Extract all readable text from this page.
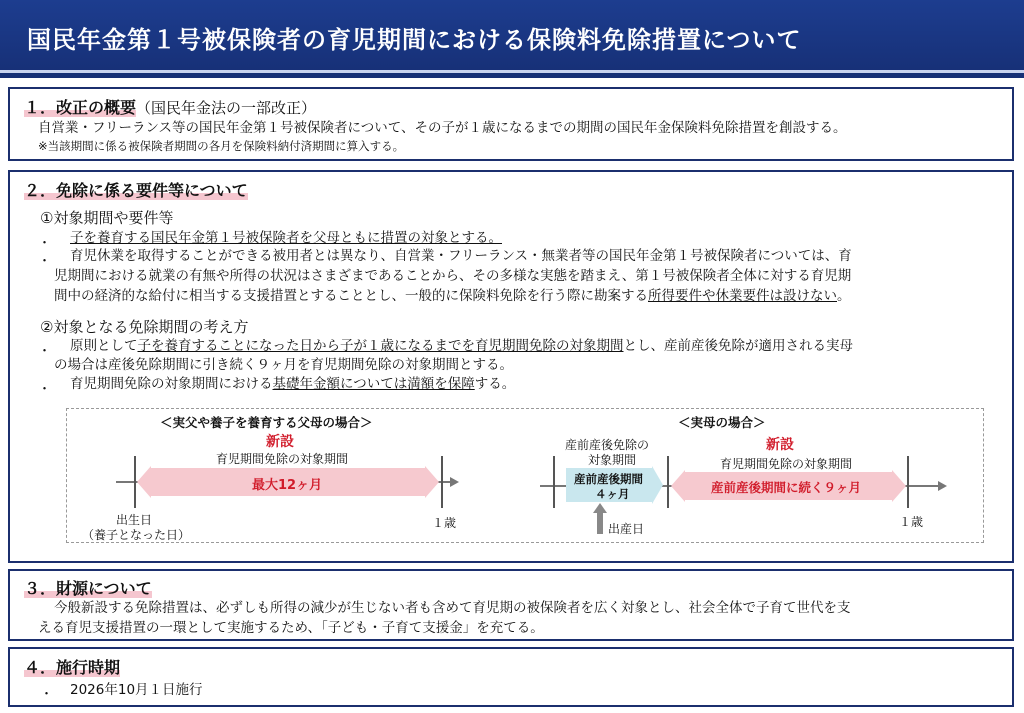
国民年金第１号被保険者の育児期間における保険料免除措置について
１．改正の概要（国民年金法の一部改正）
自営業・フリーランス等の国民年金第１号被保険者について、その子が１歳になるまでの期間の国民年金保険料免除措置を創設する。
※当該期間に係る被保険者期間の各月を保険料納付済期間に算入する。
２．免除に係る要件等について
①対象期間や要件等
・ 子を養育する国民年金第１号被保険者を父母ともに措置の対象とする。
・ 育児休業を取得することができる被用者とは異なり、自営業・フリーランス・無業者等の国民年金第１号被保険者については、育
児期間における就業の有無や所得の状況はさまざまであることから、その多様な実態を踏まえ、第１号被保険者全体に対する育児期
間中の経済的な給付に相当する支援措置とすることとし、一般的に保険料免除を行う際に勘案する所得要件や休業要件は設けない。
②対象となる免除期間の考え方
・ 原則として子を養育することになった日から子が１歳になるまでを育児期間免除の対象期間とし、産前産後免除が適用される実母
の場合は産後免除期間に引き続く９ヶ月を育児期間免除の対象期間とする。
・ 育児期間免除の対象期間における基礎年金額については満額を保障する。
＜実父や養子を養育する父母の場合＞
新設
育児期間免除の対象期間
最大12ヶ月
出生日
（養子となった日）
１歳
＜実母の場合＞
産前産後免除の
対象期間
新設
育児期間免除の対象期間
産前産後期間
４ヶ月	産前産後期間に続く９ヶ月
出産日	１歳
３．財源について
今般新設する免除措置は、必ずしも所得の減少が生じない者も含めて育児期の被保険者を広く対象とし、社会全体で子育て世代を支
える育児支援措置の一環として実施するため、「子ども・子育て支援金」を充てる。
４．施行時期
・ 2026年10月１日施行
